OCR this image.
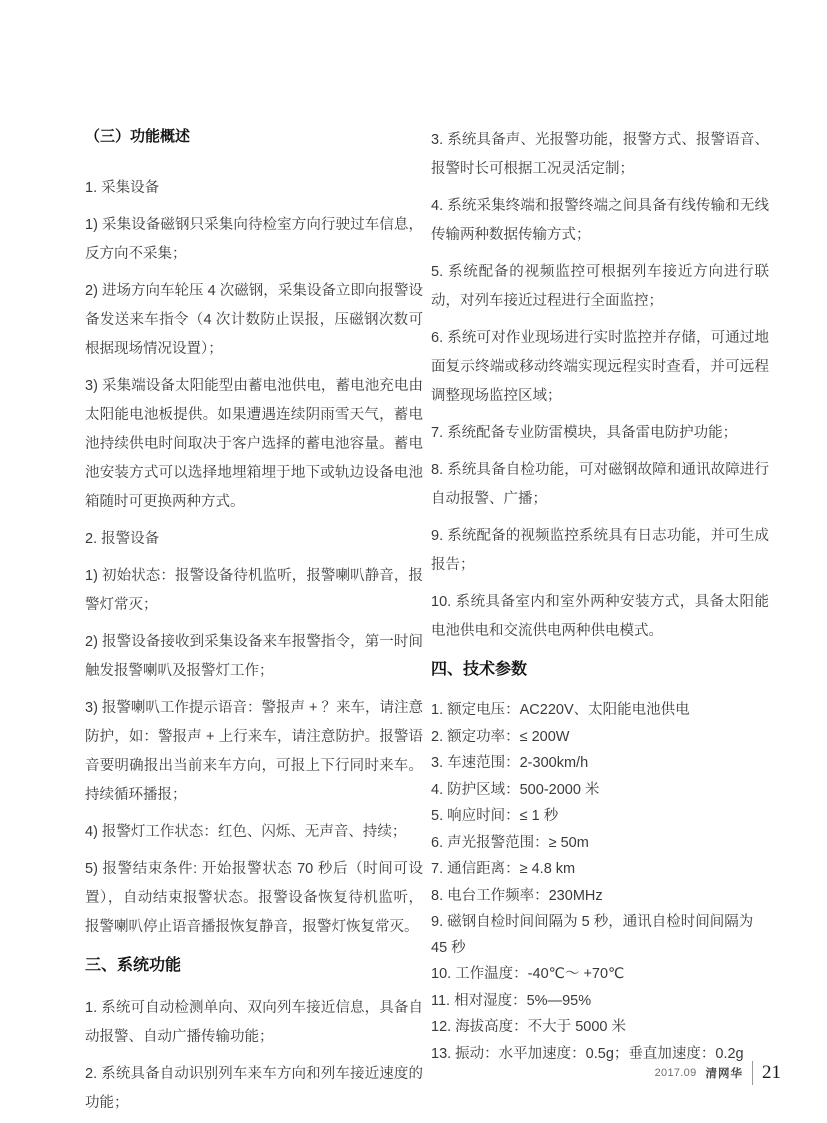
（三）功能概述

1. 采集设备

1) 采集设备磁钢只采集向待检室方向行驶过车信息，反方向不采集；

2) 进场方向车轮压 4 次磁钢，采集设备立即向报警设备发送来车指令（4 次计数防止误报，压磁钢次数可根据现场情况设置）；

3) 采集端设备太阳能型由蓄电池供电，蓄电池充电由太阳能电池板提供。如果遭遇连续阴雨雪天气，蓄电池持续供电时间取决于客户选择的蓄电池容量。蓄电池安装方式可以选择地埋箱埋于地下或轨边设备电池箱随时可更换两种方式。

2. 报警设备

1) 初始状态：报警设备待机监听，报警喇叭静音，报警灯常灭；

2) 报警设备接收到采集设备来车报警指令，第一时间触发报警喇叭及报警灯工作；

3) 报警喇叭工作提示语音：警报声 + ？来车，请注意防护，如：警报声 + 上行来车，请注意防护。报警语音要明确报出当前来车方向，可报上下行同时来车。持续循环播报；

4) 报警灯工作状态：红色、闪烁、无声音、持续；

5) 报警结束条件: 开始报警状态 70 秒后（时间可设置），自动结束报警状态。报警设备恢复待机监听，报警喇叭停止语音播报恢复静音，报警灯恢复常灭。

三、系统功能

1. 系统可自动检测单向、双向列车接近信息，具备自动报警、自动广播传输功能；

2. 系统具备自动识别列车来车方向和列车接近速度的功能；

3. 系统具备声、光报警功能，报警方式、报警语音、报警时长可根据工况灵活定制；

4. 系统采集终端和报警终端之间具备有线传输和无线传输两种数据传输方式；

5. 系统配备的视频监控可根据列车接近方向进行联动，对列车接近过程进行全面监控；

6. 系统可对作业现场进行实时监控并存储，可通过地面复示终端或移动终端实现远程实时查看，并可远程调整现场监控区域；

7. 系统配备专业防雷模块，具备雷电防护功能；

8. 系统具备自检功能，可对磁钢故障和通讯故障进行自动报警、广播；

9. 系统配备的视频监控系统具有日志功能，并可生成报告；

10. 系统具备室内和室外两种安装方式，具备太阳能电池供电和交流供电两种供电模式。

四、技术参数

1. 额定电压：AC220V、太阳能电池供电

2. 额定功率：≤ 200W

3. 车速范围：2-300km/h

4. 防护区域：500-2000 米

5. 响应时间：≤ 1 秒

6. 声光报警范围：≥ 50m

7. 通信距离：≥ 4.8 km

8. 电台工作频率：230MHz

9. 磁钢自检时间间隔为 5 秒，通讯自检时间间隔为 45 秒

10. 工作温度：-40℃～ +70℃

11. 相对湿度：5%—95%

12. 海拔高度：不大于 5000 米

13. 振动：水平加速度：0.5g；垂直加速度：0.2g

2017.09 清网华 21
